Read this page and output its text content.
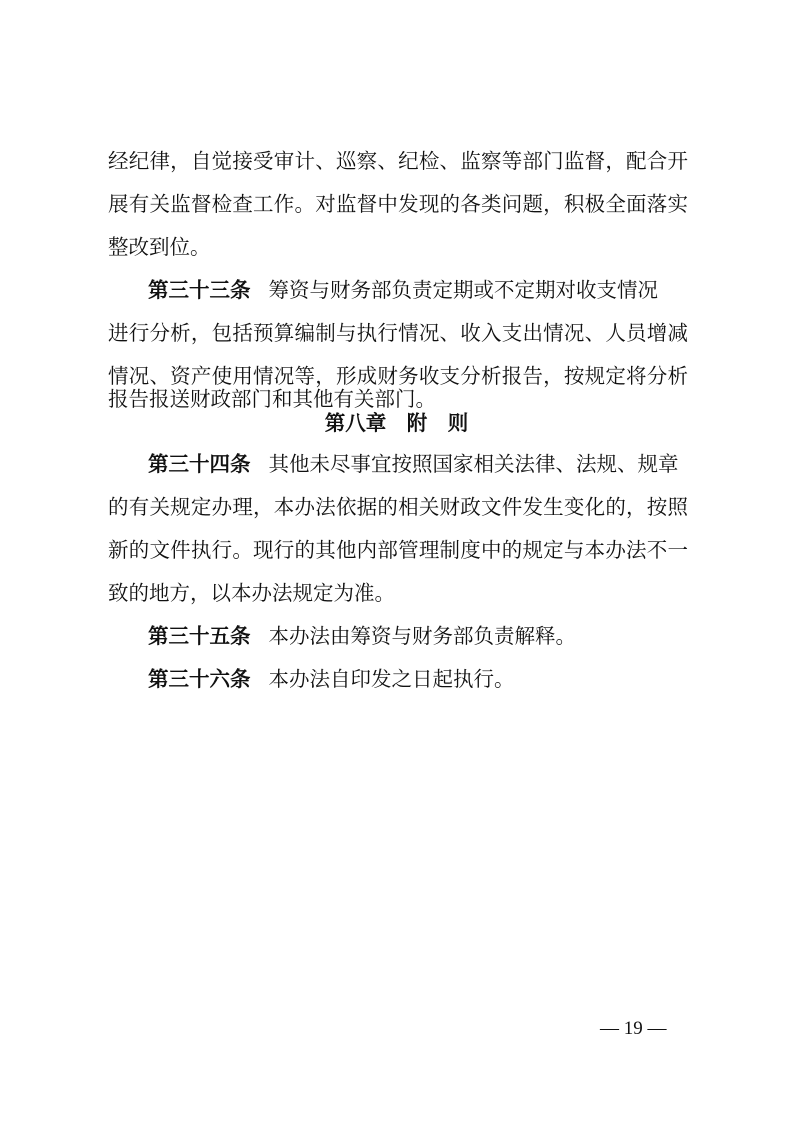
经纪律，自觉接受审计、巡察、纪检、监察等部门监督，配合开
展有关监督检查工作。对监督中发现的各类问题，积极全面落实
整改到位。
第三十三条 筹资与财务部负责定期或不定期对收支情况
进行分析，包括预算编制与执行情况、收入支出情况、人员增减
情况、资产使用情况等，形成财务收支分析报告，按规定将分析
报告报送财政部门和其他有关部门。
第八章　附　则
第三十四条 其他未尽事宜按照国家相关法律、法规、规章
的有关规定办理，本办法依据的相关财政文件发生变化的，按照
新的文件执行。现行的其他内部管理制度中的规定与本办法不一
致的地方，以本办法规定为准。
第三十五条 本办法由筹资与财务部负责解释。
第三十六条 本办法自印发之日起执行。
— 19 —
